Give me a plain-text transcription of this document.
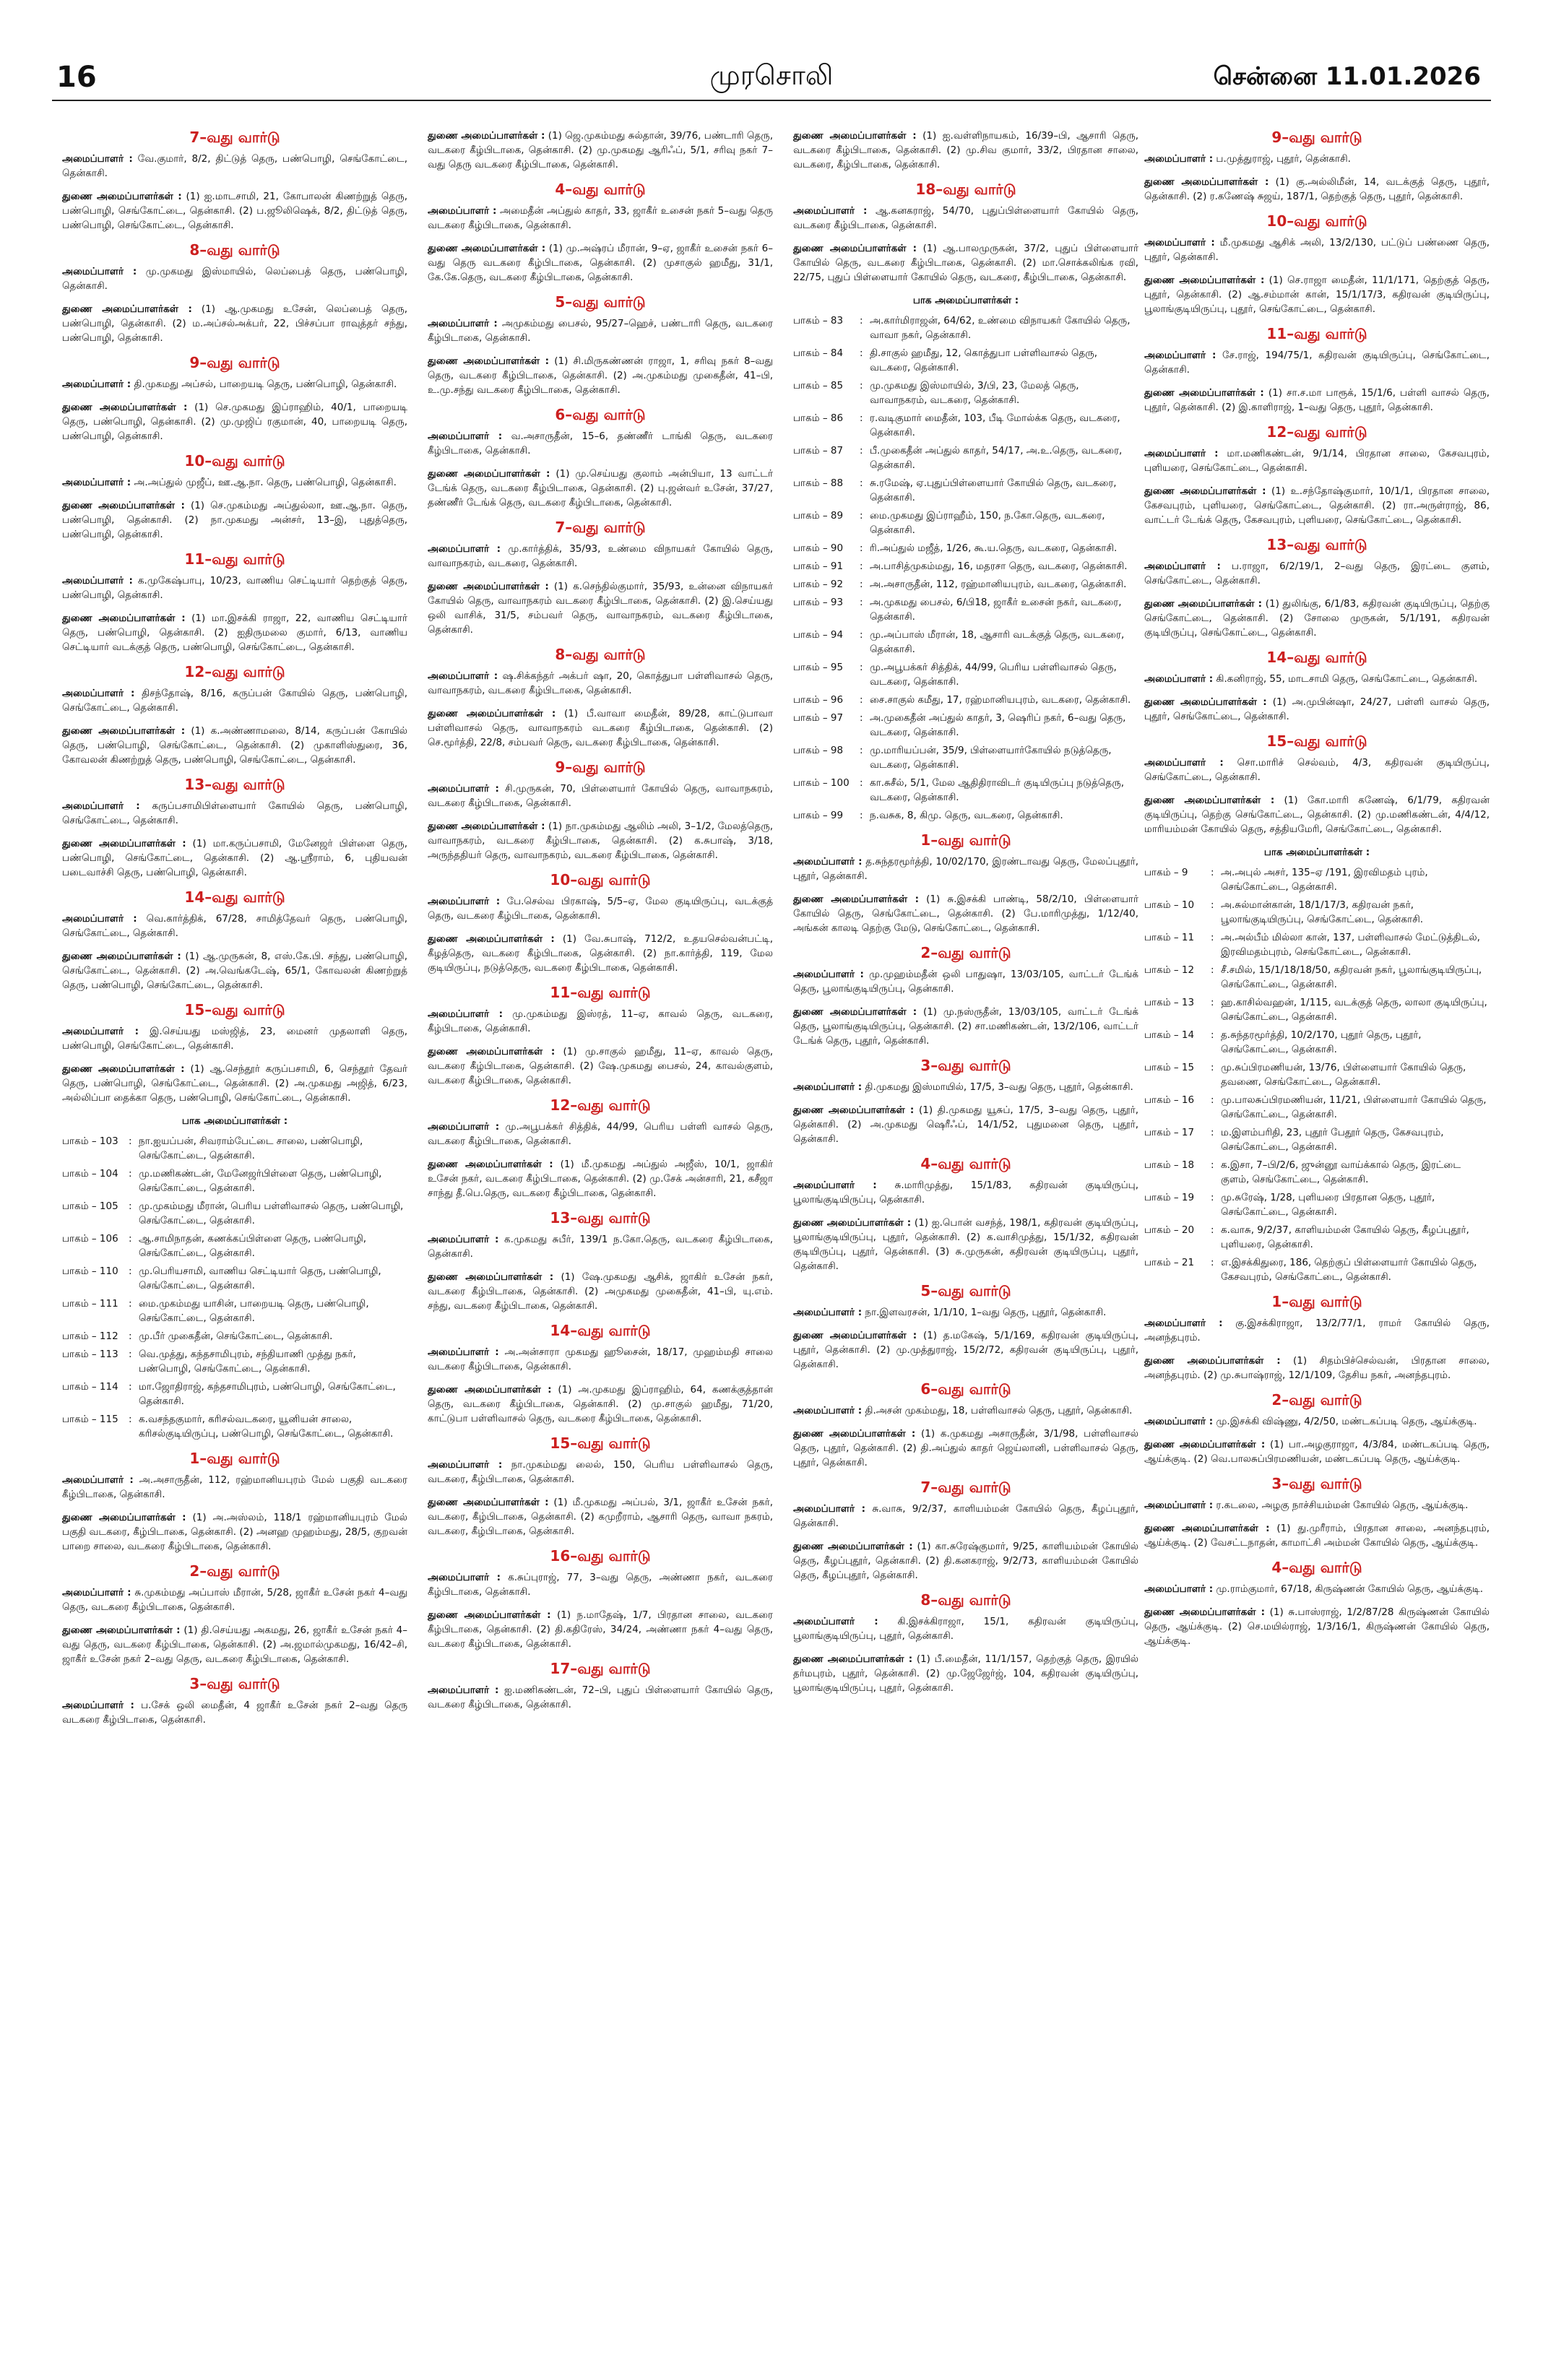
16	முரசொலி	சென்னை 11.01.2026
7–வது வார்டு

அமைப்பாளர் : வே.குமார், 8/2, திட்டுத் தெரு, பண்பொழி, செங்கோட்டை, தென்காசி.

துணை அமைப்பாளர்கள் : (1) ஐ.மாடசாமி, 21, கோபாலன் கிணற்றுத் தெரு, பண்பொழி, செங்கோட்டை, தென்காசி. (2) ப.ஜூலிஷெக், 8/2, திட்டுத் தெரு, பண்பொழி, செங்கோட்டை, தென்காசி.

8–வது வார்டு

அமைப்பாளர் : மு.முகமது இஸ்மாயில், லெப்பைத் தெரு, பண்பொழி, தென்காசி.

துணை அமைப்பாளர்கள் : (1) ஆ.முகமது உசேன், லெப்பைத் தெரு, பண்பொழி, தென்காசி. (2) ம.அப்சல்அக்பர், 22, பிச்சப்பா ராவுத்தர் சந்து, பண்பொழி, தென்காசி.

9–வது வார்டு

அமைப்பாளர் : தி.முகமது அப்சல், பாறையடி தெரு, பண்பொழி, தென்காசி.

துணை அமைப்பாளர்கள் : (1) செ.முகமது இப்ராஹிம், 40/1, பாறையடி தெரு, பண்பொழி, தென்காசி. (2) மு.முஜிப் ரகுமான், 40, பாறையடி தெரு, பண்பொழி, தென்காசி.

10–வது வார்டு

அமைப்பாளர் : அ.அப்துல் முஜீப், ஊ.ஆ.நா. தெரு, பண்பொழி, தென்காசி.

துணை அமைப்பாளர்கள் : (1) செ.முகம்மது அப்துல்லா, ஊ.ஆ.நா. தெரு, பண்பொழி, தென்காசி. (2) நா.முகமது அன்சர், 13–இ, புதுத்தெரு, பண்பொழி, தென்காசி.

11–வது வார்டு

அமைப்பாளர் : க.முகேஷ்பாபு, 10/23, வாணிய செட்டியார் தெற்குத் தெரு, பண்பொழி, தென்காசி.

துணை அமைப்பாளர்கள் : (1) மா.இசக்கி ராஜா, 22, வாணிய செட்டியார் தெரு, பண்பொழி, தென்காசி. (2) ஐதிருமலை குமார், 6/13, வாணிய செட்டியார் வடக்குத் தெரு, பண்பொழி, செங்கோட்டை, தென்காசி.

12–வது வார்டு

அமைப்பாளர் : திசந்தோஷ், 8/16, கருப்பன் கோயில் தெரு, பண்பொழி, செங்கோட்டை, தென்காசி.

துணை அமைப்பாளர்கள் : (1) க.அண்ணாமலை, 8/14, கருப்பன் கோயில் தெரு, பண்பொழி, செங்கோட்டை, தென்காசி. (2) முகாளிஸ்துரை, 36, கோவலன் கிணற்றுத் தெரு, பண்பொழி, செங்கோட்டை, தென்காசி.

13–வது வார்டு

அமைப்பாளர் : கருப்பசாமிபிள்ளையார் கோயில் தெரு, பண்பொழி, செங்கோட்டை, தென்காசி.

துணை அமைப்பாளர்கள் : (1) மா.கருப்பசாமி, மேனேஜர் பிள்ளை தெரு, பண்பொழி, செங்கோட்டை, தென்காசி. (2) ஆ.ஸ்ரீராம், 6, புதியவன் படைவாச்சி தெரு, பண்பொழி, தென்காசி.

14–வது வார்டு

அமைப்பாளர் : வெ.கார்த்திக், 67/28, சாமித்தேவர் தெரு, பண்பொழி, செங்கோட்டை, தென்காசி.

துணை அமைப்பாளர்கள் : (1) ஆ.முருகன், 8, எஸ்.கே.பி. சந்து, பண்பொழி, செங்கோட்டை, தென்காசி. (2) அ.வெங்கடேஷ், 65/1, கோவலன் கிணற்றுத் தெரு, பண்பொழி, செங்கோட்டை, தென்காசி.

15–வது வார்டு

அமைப்பாளர் : இ.செய்யது மஸ்ஜித், 23, மைனர் முதலாளி தெரு, பண்பொழி, செங்கோட்டை, தென்காசி.

துணை அமைப்பாளர்கள் : (1) ஆ.செந்தூர் கருப்பசாமி, 6, செந்தூர் தேவர் தெரு, பண்பொழி, செங்கோட்டை, தென்காசி. (2) அ.முகமது அஜித், 6/23, அல்லிப்பா தைக்கா தெரு, பண்பொழி, செங்கோட்டை, தென்காசி.

பாக அமைப்பாளர்கள் :
பாகம் – 103	: நா.ஐயப்பன், சிவராம்பேட்டை சாலை, பண்பொழி, செங்கோட்டை, தென்காசி.
பாகம் – 104	: மு.மணிகண்டன், மேனேஜர்பிள்ளை தெரு, பண்பொழி, செங்கோட்டை, தென்காசி.
பாகம் – 105	: மு.முகம்மது மீரான், பெரிய பள்ளிவாசல் தெரு, பண்பொழி, செங்கோட்டை, தென்காசி.
பாகம் – 106	: ஆ.சாமிநாதன், கணக்கப்பிள்ளை தெரு, பண்பொழி, செங்கோட்டை, தென்காசி.
பாகம் – 110	: மு.பெரியசாமி, வாணிய செட்டியார் தெரு, பண்பொழி, செங்கோட்டை, தென்காசி.
பாகம் – 111	: மை.முகம்மது யாசின், பாறையடி தெரு, பண்பொழி, செங்கோட்டை, தென்காசி.
பாகம் – 112	: மு.பீர் முகைதீன், செங்கோட்டை, தென்காசி.
பாகம் – 113	: வெ.முத்து, கந்தசாமிபுரம், சந்தியாணி முத்து நகர், பண்பொழி, செங்கோட்டை, தென்காசி.
பாகம் – 114	: மா.ஜோதிராஜ், கந்தசாமிபுரம், பண்பொழி, செங்கோட்டை, தென்காசி.
பாகம் – 115	: க.வசந்தகுமார், கரிசல்வடகரை, யூனியன் சாலை, கரிசல்குடியிருப்பு, பண்பொழி, செங்கோட்டை, தென்காசி.
1–வது வார்டு

அமைப்பாளர் : அ.அசாருதீன், 112, ரஹ்மானியபுரம் மேல் பகுதி வடகரை கீழ்பிடாகை, தென்காசி.

துணை அமைப்பாளர்கள் : (1) அ.அஸ்லம், 118/1 ரஹ்மானியபுரம் மேல் பகுதி வடகரை, கீழ்பிடாகை, தென்காசி. (2) அனஹ முஹம்மது, 28/5, குறவன் பாறை சாலை, வடகரை கீழ்பிடாகை, தென்காசி.

2–வது வார்டு

அமைப்பாளர் : சு.முகம்மது அப்பாஸ் மீரான், 5/28, ஜாகீர் உசேன் நகர் 4–வது தெரு, வடகரை கீழ்பிடாகை, தென்காசி.

துணை அமைப்பாளர்கள் : (1) தி.செய்யது அகமது, 26, ஜாகீர் உசேன் நகர் 4–வது தெரு, வடகரை கீழ்பிடாகை, தென்காசி. (2) அ.ஜமால்முகமது, 16/42–சி, ஜாகீர் உசேன் நகர் 2–வது தெரு, வடகரை கீழ்பிடாகை, தென்காசி.

3–வது வார்டு

அமைப்பாளர் : ப.சேக் ஒலி மைதீன், 4 ஜாகீர் உசேன் நகர் 2–வது தெரு வடகரை கீழ்பிடாகை, தென்காசி.

துணை அமைப்பாளர்கள் : (1) ஜெ.முகம்மது சுல்தான், 39/76, பண்டாரி தெரு, வடகரை கீழ்பிடாகை, தென்காசி. (2) மு.முகமது ஆரிஃப், 5/1, சரிவு நகர் 7–வது தெரு வடகரை கீழ்பிடாகை, தென்காசி.

4–வது வார்டு

அமைப்பாளர் : அமைதீன் அப்துல் காதர், 33, ஜாகீர் உசைன் நகர் 5–வது தெரு வடகரை கீழ்பிடாகை, தென்காசி.

துணை அமைப்பாளர்கள் : (1) மு.அஷ்ரப் மீரான், 9–ஏ, ஜாகீர் உசைன் நகர் 6–வது தெரு வடகரை கீழ்பிடாகை, தென்காசி. (2) முசாகுல் ஹமீது, 31/1, கே.கே.தெரு, வடகரை கீழ்பிடாகை, தென்காசி.

5–வது வார்டு

அமைப்பாளர் : அமுகம்மது பைசல், 95/27–ஹெச், பண்டாரி தெரு, வடகரை கீழ்பிடாகை, தென்காசி.

துணை அமைப்பாளர்கள் : (1) சி.மிருகண்ணன் ராஜா, 1, சரிவு நகர் 8–வது தெரு, வடகரை கீழ்பிடாகை, தென்காசி. (2) அ.முகம்மது முகைதீன், 41–பி, உ.மு.சந்து வடகரை கீழ்பிடாகை, தென்காசி.

6–வது வார்டு

அமைப்பாளர் : வ.அசாருதீன், 15–6, தண்ணீர் டாங்கி தெரு, வடகரை கீழ்பிடாகை, தென்காசி.

துணை அமைப்பாளர்கள் : (1) மு.செய்யது குலாம் அன்பியா, 13 வாட்டர் டேங்க் தெரு, வடகரை கீழ்பிடாகை, தென்காசி. (2) பு.ஜன்வர் உசேன், 37/27, தண்ணீர் டேங்க் தெரு, வடகரை கீழ்பிடாகை, தென்காசி.

7–வது வார்டு

அமைப்பாளர் : மு.கார்த்திக், 35/93, உண்மை விநாயகர் கோயில் தெரு, வாவாநகரம், வடகரை, தென்காசி.

துணை அமைப்பாளர்கள் : (1) க.செந்தில்குமார், 35/93, உன்னை விநாயகர் கோயில் தெரு, வாவாநகரம் வடகரை கீழ்பிடாகை, தென்காசி. (2) இ.செய்யது ஒலி வாசிக், 31/5, சம்பவர் தெரு, வாவாநகரம், வடகரை கீழ்பிடாகை, தென்காசி.

8–வது வார்டு

அமைப்பாளர் : ஷ.சிக்கந்தர் அக்பர் ஷா, 20, கொத்துபா பள்ளிவாசல் தெரு, வாவாநகரம், வடகரை கீழ்பிடாகை, தென்காசி.

துணை அமைப்பாளர்கள் : (1) பீ.வாவா மைதீன், 89/28, காட்டுபாவா பள்ளிவாசல் தெரு, வாவாநகரம் வடகரை கீழ்பிடாகை, தென்காசி. (2) செ.மூர்த்தி, 22/8, சம்பவர் தெரு, வடகரை கீழ்பிடாகை, தென்காசி.

9–வது வார்டு

அமைப்பாளர் : சி.முருகன், 70, பிள்ளையார் கோயில் தெரு, வாவாநகரம், வடகரை கீழ்பிடாகை, தென்காசி.

துணை அமைப்பாளர்கள் : (1) நா.முகம்மது ஆலிம் அலி, 3–1/2, மேலத்தெரு, வாவாநகரம், வடகரை கீழ்பிடாகை, தென்காசி. (2) க.சுபாஷ், 3/18, அருந்ததியர் தெரு, வாவாநகரம், வடகரை கீழ்பிடாகை, தென்காசி.

10–வது வார்டு

அமைப்பாளர் : பே.செல்வ பிரகாஷ், 5/5–ஏ, மேல குடியிருப்பு, வடக்குத் தெரு, வடகரை கீழ்பிடாகை, தென்காசி.

துணை அமைப்பாளர்கள் : (1) வே.சுபாஷ், 712/2, உதயசெல்வன்பட்டி, கீழத்தெரு, வடகரை கீழ்பிடாகை, தென்காசி. (2) நா.கார்த்தி, 119, மேல குடியிருப்பு, நடுத்தெரு, வடகரை கீழ்பிடாகை, தென்காசி.

11–வது வார்டு

அமைப்பாளர் : மு.முகம்மது இஸ்ரத், 11–ஏ, காவல் தெரு, வடகரை, கீழ்பிடாகை, தென்காசி.

துணை அமைப்பாளர்கள் : (1) மு.சாகுல் ஹமீது, 11–ஏ, காவல் தெரு, வடகரை கீழ்பிடாகை, தென்காசி. (2) ஷே.முகமது பைசல், 24, காவல்குளம், வடகரை கீழ்பிடாகை, தென்காசி.

12–வது வார்டு

அமைப்பாளர் : மு.அபூபக்கர் சித்திக், 44/99, பெரிய பள்ளி வாசல் தெரு, வடகரை கீழ்பிடாகை, தென்காசி.

துணை அமைப்பாளர்கள் : (1) மீ.முகமது அப்துல் அஜீஸ், 10/1, ஜாகிர் உசேன் நகர், வடகரை கீழ்பிடாகை, தென்காசி. (2) மு.சேக் அன்சாரி, 21, கசீஜா சாந்து தீ.பெ.தெரு, வடகரை கீழ்பிடாகை, தென்காசி.

13–வது வார்டு

அமைப்பாளர் : க.முகமது சுபீர், 139/1 ந.கோ.தெரு, வடகரை கீழ்பிடாகை, தென்காசி.

துணை அமைப்பாளர்கள் : (1) ஷே.முகமது ஆசிக், ஜாகிர் உசேன் நகர், வடகரை கீழ்பிடாகை, தென்காசி. (2) அமுகமது முகைதீன், 41–பி, யு.எம். சந்து, வடகரை கீழ்பிடாகை, தென்காசி.

14–வது வார்டு

அமைப்பாளர் : அ.அன்சாரா முகமது ஹூசைன், 18/17, முஹம்மதி சாலை வடகரை கீழ்பிடாகை, தென்காசி.

துணை அமைப்பாளர்கள் : (1) அ.முகமது இப்ராஹிம், 64, கணக்குத்தான் தெரு, வடகரை கீழ்பிடாகை, தென்காசி. (2) மு.சாகுல் ஹமீது, 71/20, காட்டுபா பள்ளிவாசல் தெரு, வடகரை கீழ்பிடாகை, தென்காசி.

15–வது வார்டு

அமைப்பாளர் : நா.முகம்மது லைல், 150, பெரிய பள்ளிவாசல் தெரு, வடகரை, கீழ்பிடாகை, தென்காசி.

துணை அமைப்பாளர்கள் : (1) மீ.முகமது அப்பல், 3/1, ஜாகீர் உசேன் நகர், வடகரை, கீழ்பிடாகை, தென்காசி. (2) கமுறீராம், ஆசாரி தெரு, வாவா நகரம், வடகரை, கீழ்பிடாகை, தென்காசி.

16–வது வார்டு

அமைப்பாளர் : க.சுப்புராஜ், 77, 3–வது தெரு, அண்ணா நகர், வடகரை கீழ்பிடாகை, தென்காசி.

துணை அமைப்பாளர்கள் : (1) ந.மாதேஷ், 1/7, பிரதான சாலை, வடகரை கீழ்பிடாகை, தென்காசி. (2) தி.கதிரேஸ், 34/24, அண்ணா நகர் 4–வது தெரு, வடகரை கீழ்பிடாகை, தென்காசி.

17–வது வார்டு

அமைப்பாளர் : ஐ.மணிகண்டன், 72–பி, புதுப் பிள்ளையார் கோயில் தெரு, வடகரை கீழ்பிடாகை, தென்காசி.

துணை அமைப்பாளர்கள் : (1) ஐ.வள்ளிநாயகம், 16/39–பி, ஆசாரி தெரு, வடகரை கீழ்பிடாகை, தென்காசி. (2) மு.சிவ குமார், 33/2, பிரதான சாலை, வடகரை, கீழ்பிடாகை, தென்காசி.

18–வது வார்டு

அமைப்பாளர் : ஆ.கனகராஜ், 54/70, புதுப்பிள்ளையார் கோயில் தெரு, வடகரை கீழ்பிடாகை, தென்காசி.

துணை அமைப்பாளர்கள் : (1) ஆ.பாலமுருகன், 37/2, புதுப் பிள்ளையார் கோயில் தெரு, வடகரை கீழ்பிடாகை, தென்காசி. (2) மா.சொக்கலிங்க ரவி, 22/75, புதுப் பிள்ளையார் கோயில் தெரு, வடகரை, கீழ்பிடாகை, தென்காசி.

பாக அமைப்பாளர்கள் :
பாகம் – 83	: அ.கார்மிராஜன், 64/62, உண்மை விநாயகர் கோயில் தெரு, வாவா நகர், தென்காசி.
பாகம் – 84	: தி.சாகுல் ஹமீது, 12, கொத்துபா பள்ளிவாசல் தெரு, வடகரை, தென்காசி.
பாகம் – 85	: மு.முகமது இஸ்மாயில், 3/பி, 23, மேலத் தெரு, வாவாநகரம், வடகரை, தென்காசி.
பாகம் – 86	: ர.வடிகுமார் மைதீன், 103, பீடி மோல்க்க தெரு, வடகரை, தென்காசி.
பாகம் – 87	: பீ.முகைதீன் அப்துல் காதர், 54/17, அ.உ.தெரு, வடகரை, தென்காசி.
பாகம் – 88	: சு.ரமேஷ், ஏ.புதுப்பிள்ளையார் கோயில் தெரு, வடகரை, தென்காசி.
பாகம் – 89	: மை.முகமது இப்ராஹீம், 150, ந.கோ.தெரு, வடகரை, தென்காசி.
பாகம் – 90	: ரி.அப்துல் மஜீத், 1/26, கூ.ய.தெரு, வடகரை, தென்காசி.
பாகம் – 91	: அ.பாசித்முகம்மது, 16, மதரசா தெரு, வடகரை, தென்காசி.
பாகம் – 92	: அ.அசாருதீன், 112, ரஹ்மானியபுரம், வடகரை, தென்காசி.
பாகம் – 93	: அ.முகமது பைசல், 6/பி18, ஜாகீர் உசைன் நகர், வடகரை, தென்காசி.
பாகம் – 94	: மு.அப்பாஸ் மீரான், 18, ஆசாரி வடக்குத் தெரு, வடகரை, தென்காசி.
பாகம் – 95	: மு.அபூபக்கர் சித்திக், 44/99, பெரிய பள்ளிவாசல் தெரு, வடகரை, தென்காசி.
பாகம் – 96	: சை.சாகுல் கமீது, 17, ரஹ்மானியபுரம், வடகரை, தென்காசி.
பாகம் – 97	: அ.முகைதீன் அப்துல் காதர், 3, ஷெரிப் நகர், 6–வது தெரு, வடகரை, தென்காசி.
பாகம் – 98	: மு.மாரியப்பன், 35/9, பிள்ளையார்கோயில் நடுத்தெரு, வடகரை, தென்காசி.
பாகம் – 100	: கா.சுசீல், 5/1, மேல ஆதிதிராவிடர் குடியிருப்பு நடுத்தெரு, வடகரை, தென்காசி.
பாகம் – 99	: ந.வசுக, 8, கிமு. தெரு, வடகரை, தென்காசி.
1–வது வார்டு

அமைப்பாளர் : த.சுந்தரமூர்த்தி, 10/02/170, இரண்டாவது தெரு, மேலப்புதூர், புதூர், தென்காசி.

துணை அமைப்பாளர்கள் : (1) சு.இசக்கி பாண்டி, 58/2/10, பிள்ளையார் கோயில் தெரு, செங்கோட்டை, தென்காசி. (2) பே.மாரிமுத்து, 1/12/40, அங்கன் காலடி தெற்கு மேடு, செங்கோட்டை, தென்காசி.

2–வது வார்டு

அமைப்பாளர் : மு.முஹம்மதீன் ஒலி பாதுஷா, 13/03/105, வாட்டர் டேங்க் தெரு, பூலாங்குடியிருப்பு, தென்காசி.

துணை அமைப்பாளர்கள் : (1) மு.நஸ்ருதீன், 13/03/105, வாட்டர் டேங்க் தெரு, பூலாங்குடியிருப்பு, தென்காசி. (2) சா.மணிகண்டன், 13/2/106, வாட்டர் டேங்க் தெரு, புதூர், தென்காசி.

3–வது வார்டு

அமைப்பாளர் : தி.முகமது இஸ்மாயில், 17/5, 3–வது தெரு, புதூர், தென்காசி.

துணை அமைப்பாளர்கள் : (1) தி.முகமது யூசுப், 17/5, 3–வது தெரு, புதூர், தென்காசி. (2) அ.முகமது ஷெரீஃப், 14/1/52, புதுமனை தெரு, புதூர், தென்காசி.

4–வது வார்டு

அமைப்பாளர் : சு.மாரிமுத்து, 15/1/83, கதிரவன் குடியிருப்பு, பூலாங்குடியிருப்பு, தென்காசி.

துணை அமைப்பாளர்கள் : (1) ஐ.பொன் வசந்த், 198/1, கதிரவன் குடியிருப்பு, பூலாங்குடியிருப்பு, புதூர், தென்காசி. (2) க.வாசிமுத்து, 15/1/32, கதிரவன் குடியிருப்பு, புதூர், தென்காசி. (3) சு.முருகன், கதிரவன் குடியிருப்பு, புதூர், தென்காசி.

5–வது வார்டு

அமைப்பாளர் : நா.இளவரசன், 1/1/10, 1–வது தெரு, புதூர், தென்காசி.

துணை அமைப்பாளர்கள் : (1) த.மகேஷ், 5/1/169, கதிரவன் குடியிருப்பு, புதூர், தென்காசி. (2) மு.முத்துராஜ், 15/2/72, கதிரவன் குடியிருப்பு, புதூர், தென்காசி.

6–வது வார்டு

அமைப்பாளர் : தி.அசன் முகம்மது, 18, பள்ளிவாசல் தெரு, புதூர், தென்காசி.

துணை அமைப்பாளர்கள் : (1) க.முகமது அசாருதீன், 3/1/98, பள்ளிவாசல் தெரு, புதூர், தென்காசி. (2) தி.அப்துல் காதர் ஜெய்லானி, பள்ளிவாசல் தெரு, புதூர், தென்காசி.

7–வது வார்டு

அமைப்பாளர் : சு.வாசு, 9/2/37, காளியம்மன் கோயில் தெரு, கீழப்புதூர், தென்காசி.

துணை அமைப்பாளர்கள் : (1) கா.சுரேஷ்குமார், 9/25, காளியம்மன் கோயில் தெரு, கீழப்புதூர், தென்காசி. (2) தி.கனகராஜ், 9/2/73, காளியம்மன் கோயில் தெரு, கீழப்புதூர், தென்காசி.

8–வது வார்டு

அமைப்பாளர் : கி.இசக்கிராஜா, 15/1, கதிரவன் குடியிருப்பு, பூலாங்குடியிருப்பு, புதூர், தென்காசி.

துணை அமைப்பாளர்கள் : (1) பீ.மைதீன், 11/1/157, தெற்குத் தெரு, இரயில் தர்மபுரம், புதூர், தென்காசி. (2) மு.ஜேஜேர்ஜ், 104, கதிரவன் குடியிருப்பு, பூலாங்குடியிருப்பு, புதூர், தென்காசி.

9–வது வார்டு

அமைப்பாளர் : ப.முத்துராஜ், புதூர், தென்காசி.

துணை அமைப்பாளர்கள் : (1) கு.அல்லிமீன், 14, வடக்குத் தெரு, புதூர், தென்காசி. (2) ர.கணேஷ் சுஜய், 187/1, தெற்குத் தெரு, புதூர், தென்காசி.

10–வது வார்டு

அமைப்பாளர் : மீ.முகமது ஆசிக் அலி, 13/2/130, பட்டுப் பண்ணை தெரு, புதூர், தென்காசி.

துணை அமைப்பாளர்கள் : (1) செ.ராஜா மைதீன், 11/1/171, தெற்குத் தெரு, புதூர், தென்காசி. (2) ஆ.சம்மான் கான், 15/1/17/3, கதிரவன் குடியிருப்பு, பூலாங்குடியிருப்பு, புதூர், செங்கோட்டை, தென்காசி.

11–வது வார்டு

அமைப்பாளர் : சே.ராஜ், 194/75/1, கதிரவன் குடியிருப்பு, செங்கோட்டை, தென்காசி.

துணை அமைப்பாளர்கள் : (1) சா.ச.மா பாரூக், 15/1/6, பள்ளி வாசல் தெரு, புதூர், தென்காசி. (2) இ.காளிராஜ், 1–வது தெரு, புதூர், தென்காசி.

12–வது வார்டு

அமைப்பாளர் : மா.மணிகண்டன், 9/1/14, பிரதான சாலை, கேசவபுரம், புளியரை, செங்கோட்டை, தென்காசி.

துணை அமைப்பாளர்கள் : (1) உ.சந்தோஷ்குமார், 10/1/1, பிரதான சாலை, கேசவபுரம், புளியரை, செங்கோட்டை, தென்காசி. (2) ரா.அருள்ராஜ், 86, வாட்டர் டேங்க் தெரு, கேசவபுரம், புளியரை, செங்கோட்டை, தென்காசி.

13–வது வார்டு

அமைப்பாளர் : ப.ராஜா, 6/2/19/1, 2–வது தெரு, இரட்டை குளம், செங்கோட்டை, தென்காசி.

துணை அமைப்பாளர்கள் : (1) துலிங்கு, 6/1/83, கதிரவன் குடியிருப்பு, தெற்கு செங்கோட்டை, தென்காசி. (2) சோலை முருகன், 5/1/191, கதிரவன் குடியிருப்பு, செங்கோட்டை, தென்காசி.

14–வது வார்டு

அமைப்பாளர் : கி.கனிராஜ், 55, மாடசாமி தெரு, செங்கோட்டை, தென்காசி.

துணை அமைப்பாளர்கள் : (1) அ.முபின்ஷா, 24/27, பள்ளி வாசல் தெரு, புதூர், செங்கோட்டை, தென்காசி.

15–வது வார்டு

அமைப்பாளர் : சொ.மாரிச் செல்வம், 4/3, கதிரவன் குடியிருப்பு, செங்கோட்டை, தென்காசி.

துணை அமைப்பாளர்கள் : (1) கோ.மாரி கணேஷ், 6/1/79, கதிரவன் குடியிருப்பு, தெற்கு செங்கோட்டை, தென்காசி. (2) மு.மணிகண்டன், 4/4/12, மாரியம்மன் கோயில் தெரு, சத்தியமேரி, செங்கோட்டை, தென்காசி.

பாக அமைப்பாளர்கள் :
பாகம் – 9	: அ.அபுல் அசர், 135–ஏ /191, இரவிமதம் புரம், செங்கோட்டை, தென்காசி.
பாகம் – 10	: அ.சுல்மான்கான், 18/1/17/3, கதிரவன் நகர், பூலாங்குடியிருப்பு, செங்கோட்டை, தென்காசி.
பாகம் – 11	: அ.அல்பீம் மில்லா கான், 137, பள்ளிவாசல் மேட்டுத்திடல், இரவிமதம்புரம், செங்கோட்டை, தென்காசி.
பாகம் – 12	: சீ.சமில், 15/1/18/18/50, கதிரவன் நகர், பூலாங்குடியிருப்பு, செங்கோட்டை, தென்காசி.
பாகம் – 13	: ஹ.காசில்வஹன், 1/115, வடக்குத் தெரு, லாலா குடியிருப்பு, செங்கோட்டை, தென்காசி.
பாகம் – 14	: த.சுந்தரமூர்த்தி, 10/2/170, புதூர் தெரு, புதூர், செங்கோட்டை, தென்காசி.
பாகம் – 15	: மு.சுப்பிரமணியன், 13/76, பிள்ளையார் கோயில் தெரு, தவணை, செங்கோட்டை, தென்காசி.
பாகம் – 16	: மு.பாலசுப்பிரமணியன், 11/21, பிள்ளையார் கோயில் தெரு, செங்கோட்டை, தென்காசி.
பாகம் – 17	: ம.இளம்பரிதி, 23, புதூர் பேதூர் தெரு, கேசவபுரம், செங்கோட்டை, தென்காசி.
பாகம் – 18	: க.இசா, 7–பி/2/6, ஜுன்னூ வாய்க்கால் தெரு, இரட்டை குளம், செங்கோட்டை, தென்காசி.
பாகம் – 19	: மு.சுரேஷ், 1/28, புளியரை பிரதான தெரு, புதூர், செங்கோட்டை, தென்காசி.
பாகம் – 20	: க.வாசு, 9/2/37, காளியம்மன் கோயில் தெரு, கீழப்புதூர், புளியரை, தென்காசி.
பாகம் – 21	: எ.இசக்கிதுரை, 186, தெற்குப் பிள்ளையார் கோயில் தெரு, கேசவபுரம், செங்கோட்டை, தென்காசி.
1–வது வார்டு

அமைப்பாளர் : கு.இசக்கிராஜா, 13/2/77/1, ராமர் கோயில் தெரு, அனந்தபுரம்.

துணை அமைப்பாளர்கள் : (1) சிதம்பிச்செல்வன், பிரதான சாலை, அனந்தபுரம். (2) மு.சுபாஷ்ராஜ், 12/1/109, தேசிய நகர், அனந்தபுரம்.

2–வது வார்டு

அமைப்பாளர் : மு.இசக்கி விஷ்ணு, 4/2/50, மண்டகப்படி தெரு, ஆய்க்குடி.

துணை அமைப்பாளர்கள் : (1) பா.அழகுராஜா, 4/3/84, மண்டகப்படி தெரு, ஆய்க்குடி. (2) வெ.பாலசுப்பிரமணியன், மண்டகப்படி தெரு, ஆய்க்குடி.

3–வது வார்டு

அமைப்பாளர் : ர.கடலை, அழகு நாச்சியம்மன் கோயில் தெரு, ஆய்க்குடி.

துணை அமைப்பாளர்கள் : (1) து.முரீராம், பிரதான சாலை, அனந்தபுரம், ஆய்க்குடி. (2) வேசட்டநாதன், காமாட்சி அம்மன் கோயில் தெரு, ஆய்க்குடி.

4–வது வார்டு

அமைப்பாளர் : மு.ராம்குமார், 67/18, கிருஷ்ணன் கோயில் தெரு, ஆய்க்குடி.

துணை அமைப்பாளர்கள் : (1) சு.பாஸ்ராஜ், 1/2/87/28 கிருஷ்ணன் கோயில் தெரு, ஆய்க்குடி. (2) செ.மயில்ராஜ், 1/3/16/1, கிருஷ்ணன் கோயில் தெரு, ஆய்க்குடி.
